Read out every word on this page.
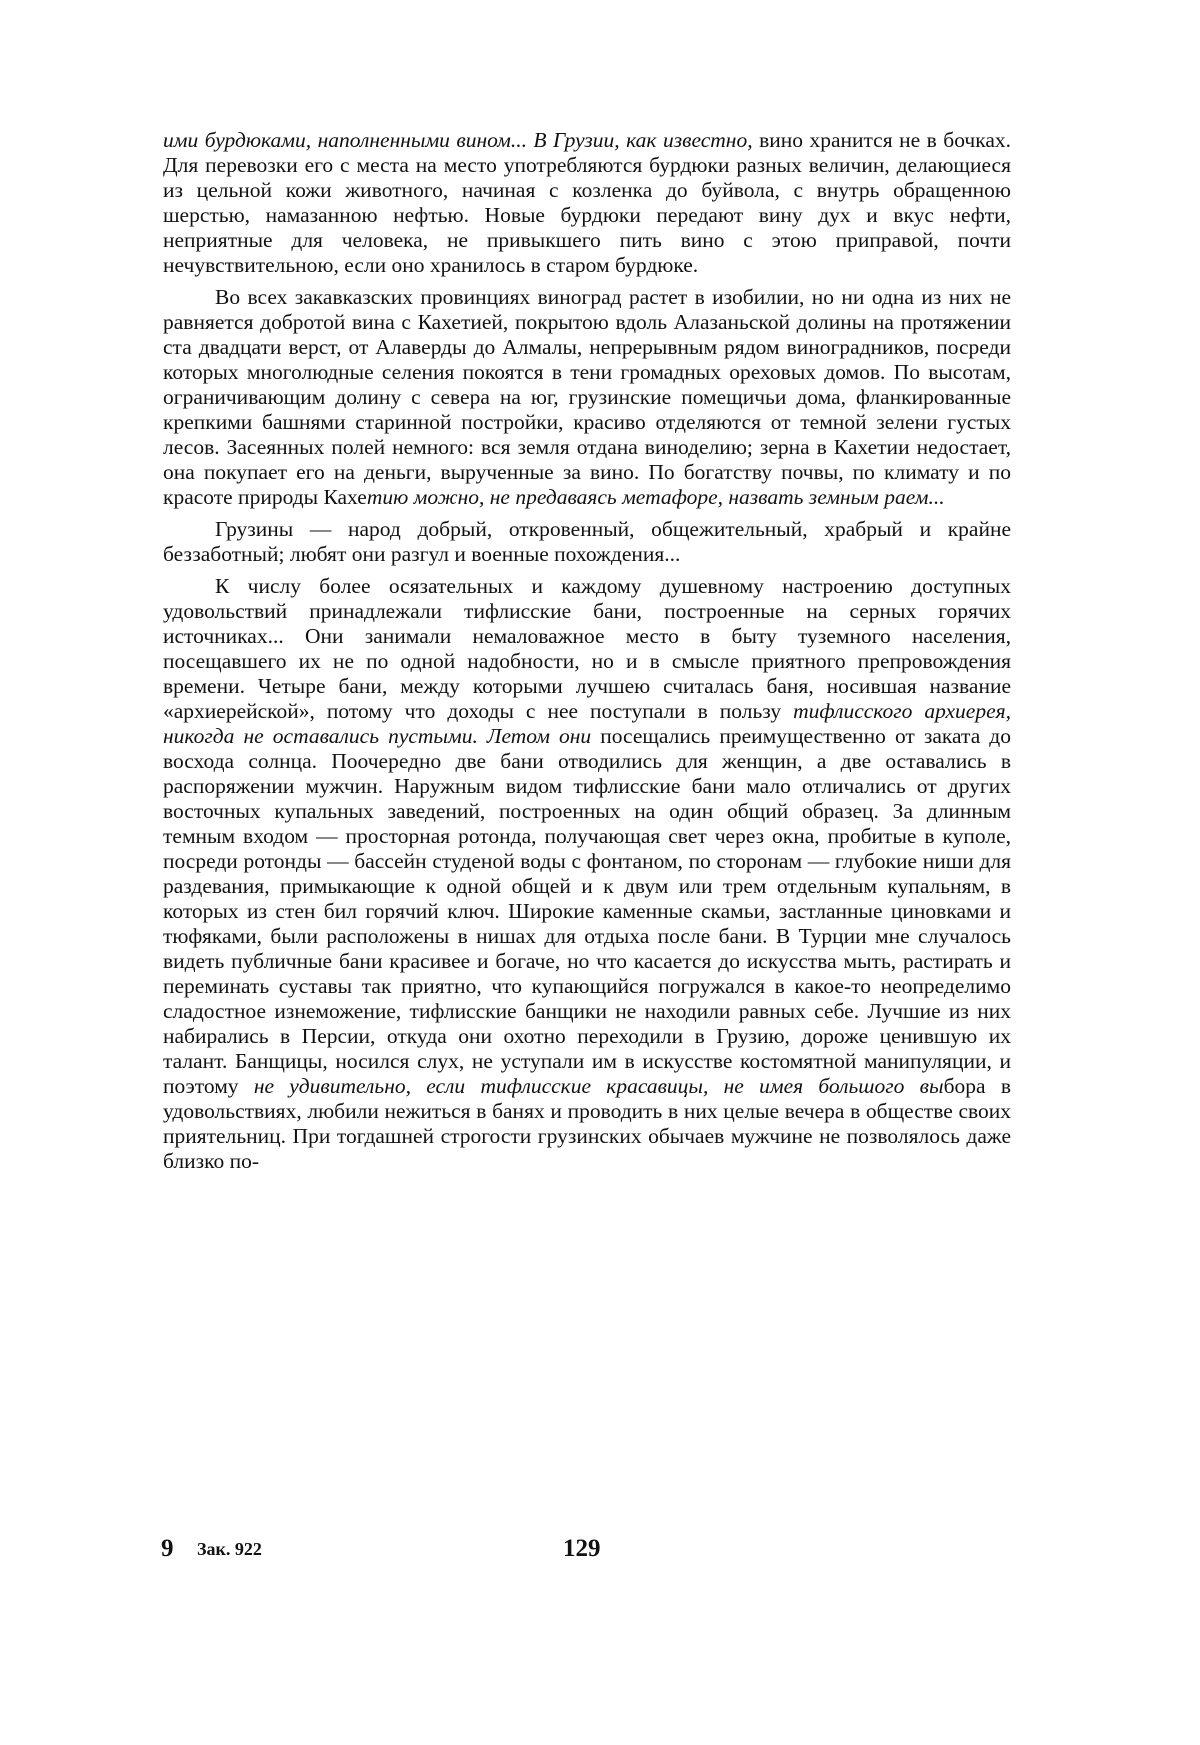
ими бурдюками, наполненными вином... В Грузии, как известно, вино хранится не в бочках. Для перевозки его с места на место употребляются бурдюки разных величин, делающиеся из цельной кожи животного, начиная с козленка до буйвола, с внутрь обращенною шерстью, намазанною нефтью. Новые бурдюки передают вину дух и вкус нефти, неприятные для человека, не привыкшего пить вино с этою приправой, почти нечувствительною, если оно хранилось в старом бурдюке.

Во всех закавказских провинциях виноград растет в изобилии, но ни одна из них не равняется добротой вина с Кахетией, покрытою вдоль Алазаньской долины на протяжении ста двадцати верст, от Алаверды до Алмалы, непрерывным рядом виноградников, посреди которых многолюдные селения покоятся в тени громадных ореховых домов. По высотам, ограничивающим долину с севера на юг, грузинские помещичьи дома, фланкированные крепкими башнями старинной постройки, красиво отделяются от темной зелени густых лесов. Засеянных полей немного: вся земля отдана виноделию; зерна в Кахетии недостает, она покупает его на деньги, вырученные за вино. По богатству почвы, по климату и по красоте природы Кахетию можно, не предаваясь метафоре, назвать земным раем...

Грузины — народ добрый, откровенный, общежительный, храбрый и крайне беззаботный; любят они разгул и военные похождения...

К числу более осязательных и каждому душевному настроению доступных удовольствий принадлежали тифлисские бани, построенные на серных горячих источниках... Они занимали немаловажное место в быту туземного населения, посещавшего их не по одной надобности, но и в смысле приятного препровождения времени. Четыре бани, между которыми лучшею считалась баня, носившая название «архиерейской», потому что доходы с нее поступали в пользу тифлисского архиерея, никогда не оставались пустыми. Летом они посещались преимущественно от заката до восхода солнца. Поочередно две бани отводились для женщин, а две оставались в распоряжении мужчин. Наружным видом тифлисские бани мало отличались от других восточных купальных заведений, построенных на один общий образец. За длинным темным входом — просторная ротонда, получающая свет через окна, пробитые в куполе, посреди ротонды — бассейн студеной воды с фонтаном, по сторонам — глубокие ниши для раздевания, примыкающие к одной общей и к двум или трем отдельным купальням, в которых из стен бил горячий ключ. Широкие каменные скамьи, застланные циновками и тюфяками, были расположены в нишах для отдыха после бани. В Турции мне случалось видеть публичные бани красивее и богаче, но что касается до искусства мыть, растирать и переминать суставы так приятно, что купающийся погружался в какое-то неопределимо сладостное изнеможение, тифлисские банщики не находили равных себе. Лучшие из них набирались в Персии, откуда они охотно переходили в Грузию, дороже ценившую их талант. Банщицы, носился слух, не уступали им в искусстве костомятной манипуляции, и поэтому не удивительно, если тифлисские красавицы, не имея большого выбора в удовольствиях, любили нежиться в банях и проводить в них целые вечера в обществе своих приятельниц. При тогдашней строгости грузинских обычаев мужчине не позволялось даже близко по-

9 Зак. 922	129
